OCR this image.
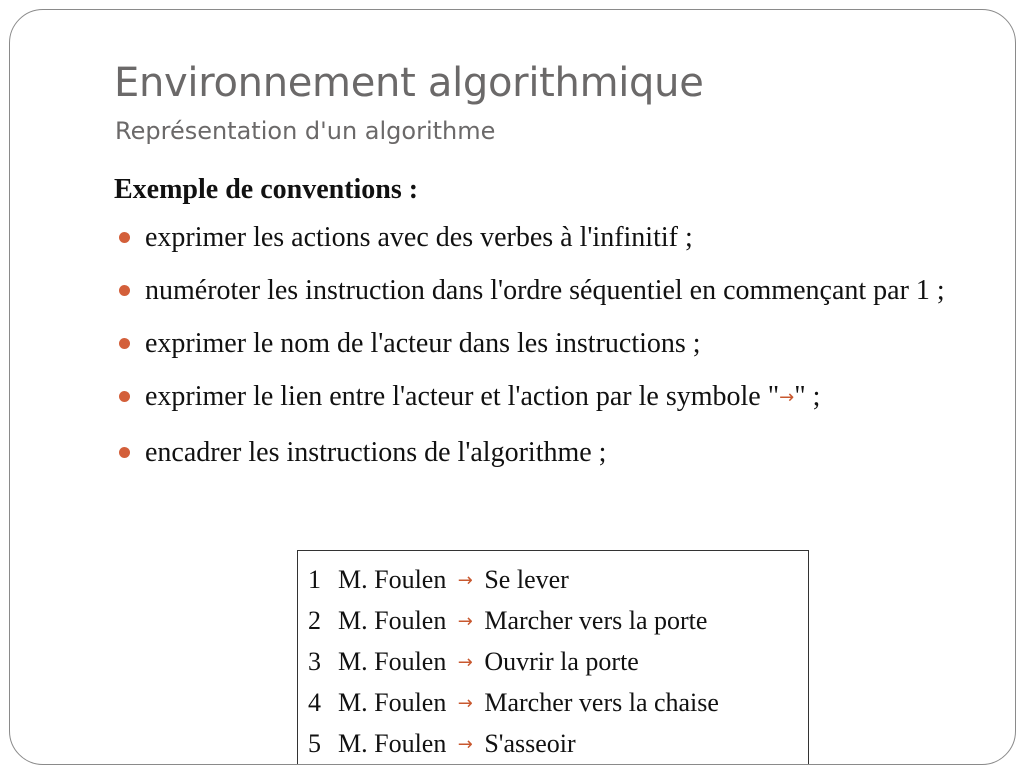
Environnement algorithmique
Représentation d'un algorithme
Exemple de conventions :
exprimer les actions avec des verbes à l'infinitif ;
numéroter les instruction dans l'ordre séquentiel en commençant par 1 ;
exprimer le nom de l'acteur dans les instructions ;
exprimer le lien entre l'acteur et l'action par le symbole "→" ;
encadrer les instructions de l'algorithme ;
1 M. Foulen → Se lever
2 M. Foulen → Marcher vers la porte
3 M. Foulen → Ouvrir la porte
4 M. Foulen → Marcher vers la chaise
5 M. Foulen → S'asseoir
